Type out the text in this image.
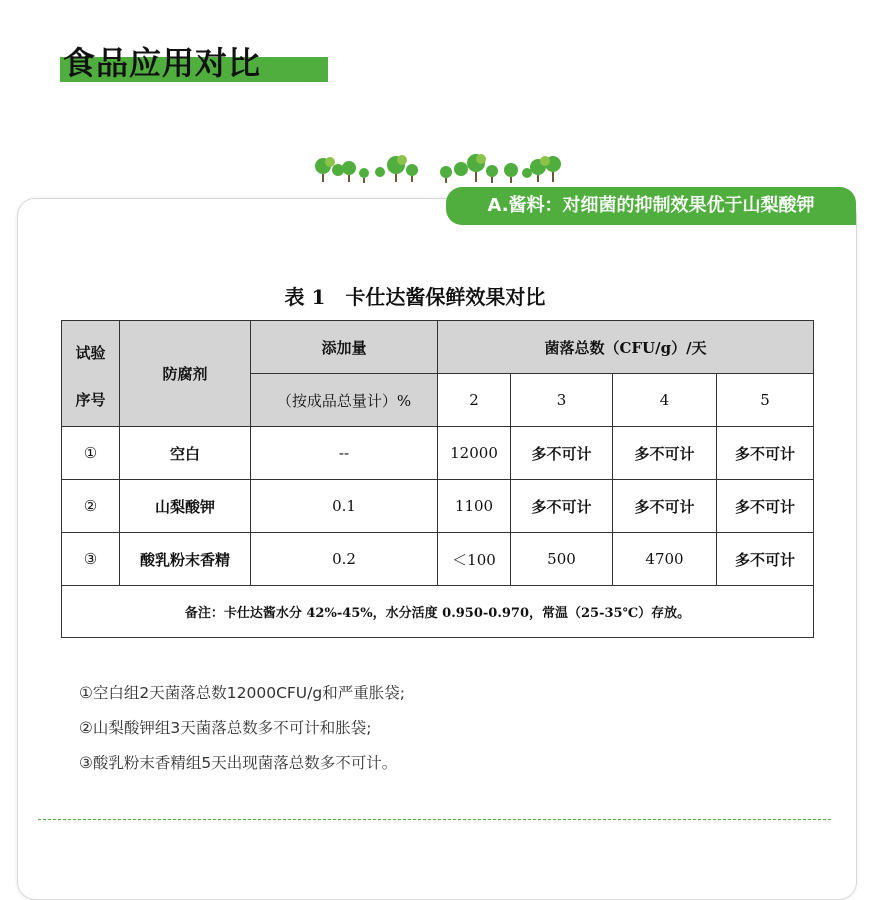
食品应用对比
A.酱料：对细菌的抑制效果优于山梨酸钾
表 1　卡仕达酱保鲜效果对比
试验
序号	防腐剂	添加量	菌落总数（CFU/g）/天			
		（按成品总量计）%	2	3	4	5
①	空白	--	12000	多不可计	多不可计	多不可计
②	山梨酸钾	0.1	1100	多不可计	多不可计	多不可计
③	酸乳粉末香精	0.2	＜100	500	4700	多不可计
备注：卡仕达酱水分 42%-45%，水分活度 0.950-0.970，常温（25-35℃）存放。						
①空白组2天菌落总数12000CFU/g和严重胀袋;
②山梨酸钾组3天菌落总数多不可计和胀袋;
③酸乳粉末香精组5天出现菌落总数多不可计。
